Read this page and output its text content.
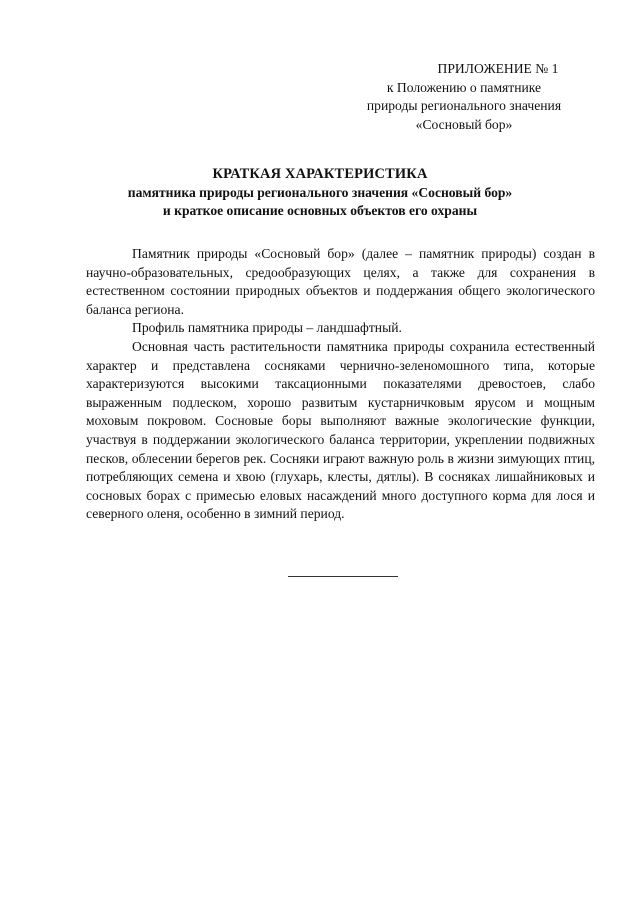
ПРИЛОЖЕНИЕ № 1
к Положению о памятнике
природы регионального значения
«Сосновый бор»
КРАТКАЯ ХАРАКТЕРИСТИКА
памятника природы регионального значения «Сосновый бор»
и краткое описание основных объектов его охраны

Памятник природы «Сосновый бор» (далее – памятник природы) создан в научно-образовательных, средообразующих целях, а также для сохранения в естественном состоянии природных объектов и поддержания общего экологического баланса региона.

Профиль памятника природы – ландшафтный.

Основная часть растительности памятника природы сохранила естественный характер и представлена сосняками чернично-зеленомошного типа, которые характеризуются высокими таксационными показателями древостоев, слабо выраженным подлеском, хорошо развитым кустарничковым ярусом и мощным моховым покровом. Сосновые боры выполняют важные экологические функции, участвуя в поддержании экологического баланса территории, укреплении подвижных песков, облесении берегов рек. Сосняки играют важную роль в жизни зимующих птиц, потребляющих семена и хвою (глухарь, клесты, дятлы). В сосняках лишайниковых и сосновых борах с примесью еловых насаждений много доступного корма для лося и северного оленя, особенно в зимний период.
